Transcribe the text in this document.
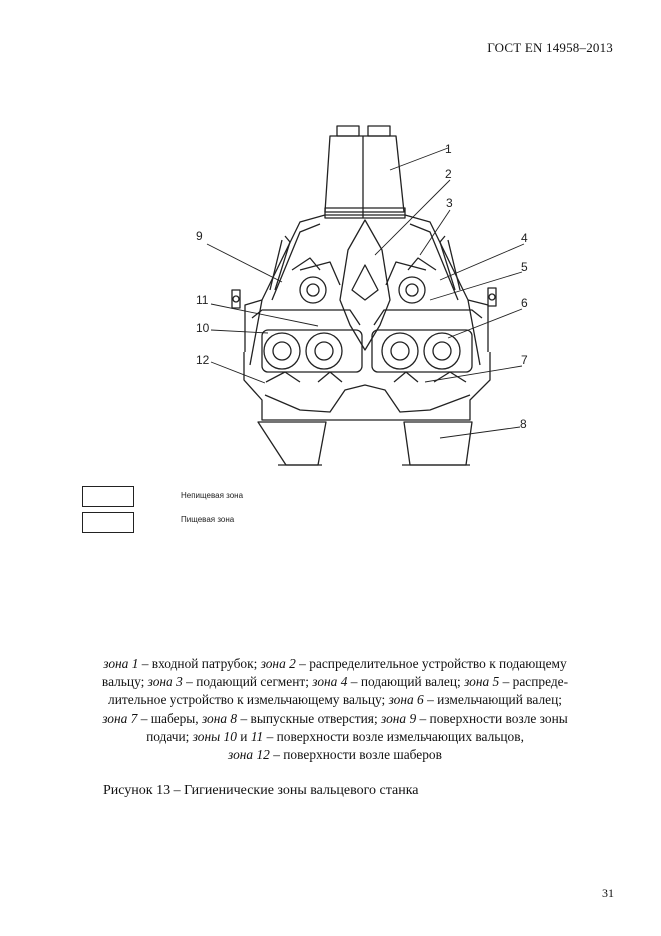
ГОСТ EN 14958–2013
1
2
3
4
5
6
7
8
9
11
10
12
Непищевая зона
Пищевая зона
зона 1 – входной патрубок; зона 2 – распределительное устройство к подающему
вальцу; зона 3 – подающий сегмент; зона 4 – подающий валец; зона 5 – распреде-
лительное устройство к измельчающему вальцу; зона 6 – измельчающий валец;
зона 7 – шаберы, зона 8 – выпускные отверстия; зона 9 – поверхности возле зоны
подачи; зоны 10 и 11 – поверхности возле измельчающих вальцов,
зона 12 – поверхности возле шаберов
Рисунок 13 – Гигиенические зоны вальцевого станка
31
